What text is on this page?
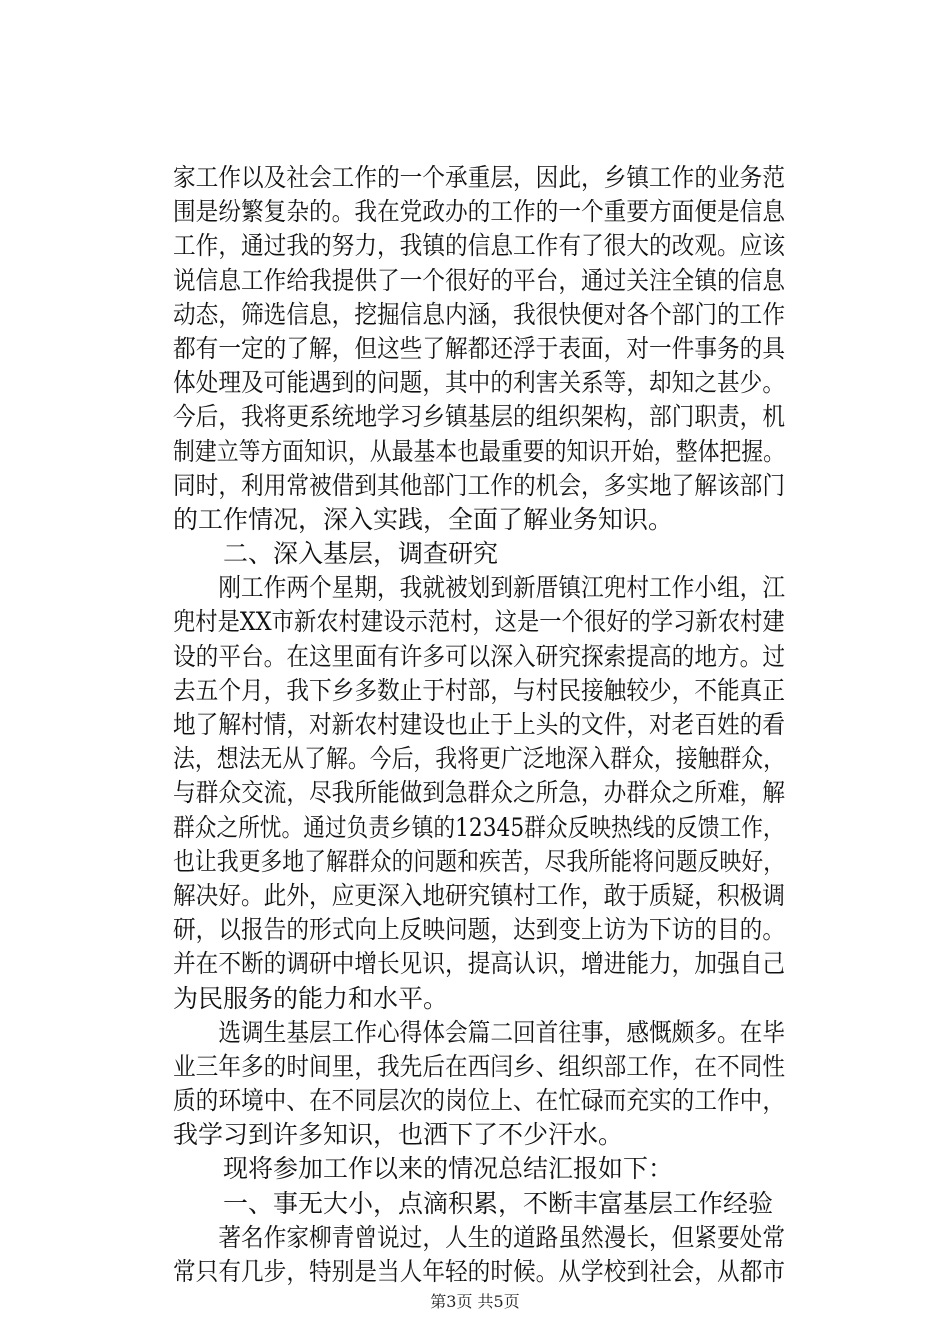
家工作以及社会工作的一个承重层，因此，乡镇工作的业务范
围是纷繁复杂的。我在党政办的工作的一个重要方面便是信息
工作，通过我的努力，我镇的信息工作有了很大的改观。应该
说信息工作给我提供了一个很好的平台，通过关注全镇的信息
动态，筛选信息，挖掘信息内涵，我很快便对各个部门的工作
都有一定的了解，但这些了解都还浮于表面，对一件事务的具
体处理及可能遇到的问题，其中的利害关系等，却知之甚少。
今后，我将更系统地学习乡镇基层的组织架构，部门职责，机
制建立等方面知识，从最基本也最重要的知识开始，整体把握。
同时，利用常被借到其他部门工作的机会，多实地了解该部门
的工作情况，深入实践，全面了解业务知识。
　　二、深入基层，调查研究
　　刚工作两个星期，我就被划到新厝镇江兜村工作小组，江
兜村是XX市新农村建设示范村，这是一个很好的学习新农村建
设的平台。在这里面有许多可以深入研究探索提高的地方。过
去五个月，我下乡多数止于村部，与村民接触较少，不能真正
地了解村情，对新农村建设也止于上头的文件，对老百姓的看
法，想法无从了解。今后，我将更广泛地深入群众，接触群众，
与群众交流，尽我所能做到急群众之所急，办群众之所难，解
群众之所忧。通过负责乡镇的12345群众反映热线的反馈工作，
也让我更多地了解群众的问题和疾苦，尽我所能将问题反映好，
解决好。此外，应更深入地研究镇村工作，敢于质疑，积极调
研，以报告的形式向上反映问题，达到变上访为下访的目的。
并在不断的调研中增长见识，提高认识，增进能力，加强自己
为民服务的能力和水平。
　　选调生基层工作心得体会篇二回首往事，感慨颇多。在毕
业三年多的时间里，我先后在西闫乡、组织部工作，在不同性
质的环境中、在不同层次的岗位上、在忙碌而充实的工作中，
我学习到许多知识，也洒下了不少汗水。
　　现将参加工作以来的情况总结汇报如下：
　　一、事无大小，点滴积累，不断丰富基层工作经验
　　著名作家柳青曾说过，人生的道路虽然漫长，但紧要处常
常只有几步，特别是当人年轻的时候。从学校到社会，从都市
第3页 共5页
